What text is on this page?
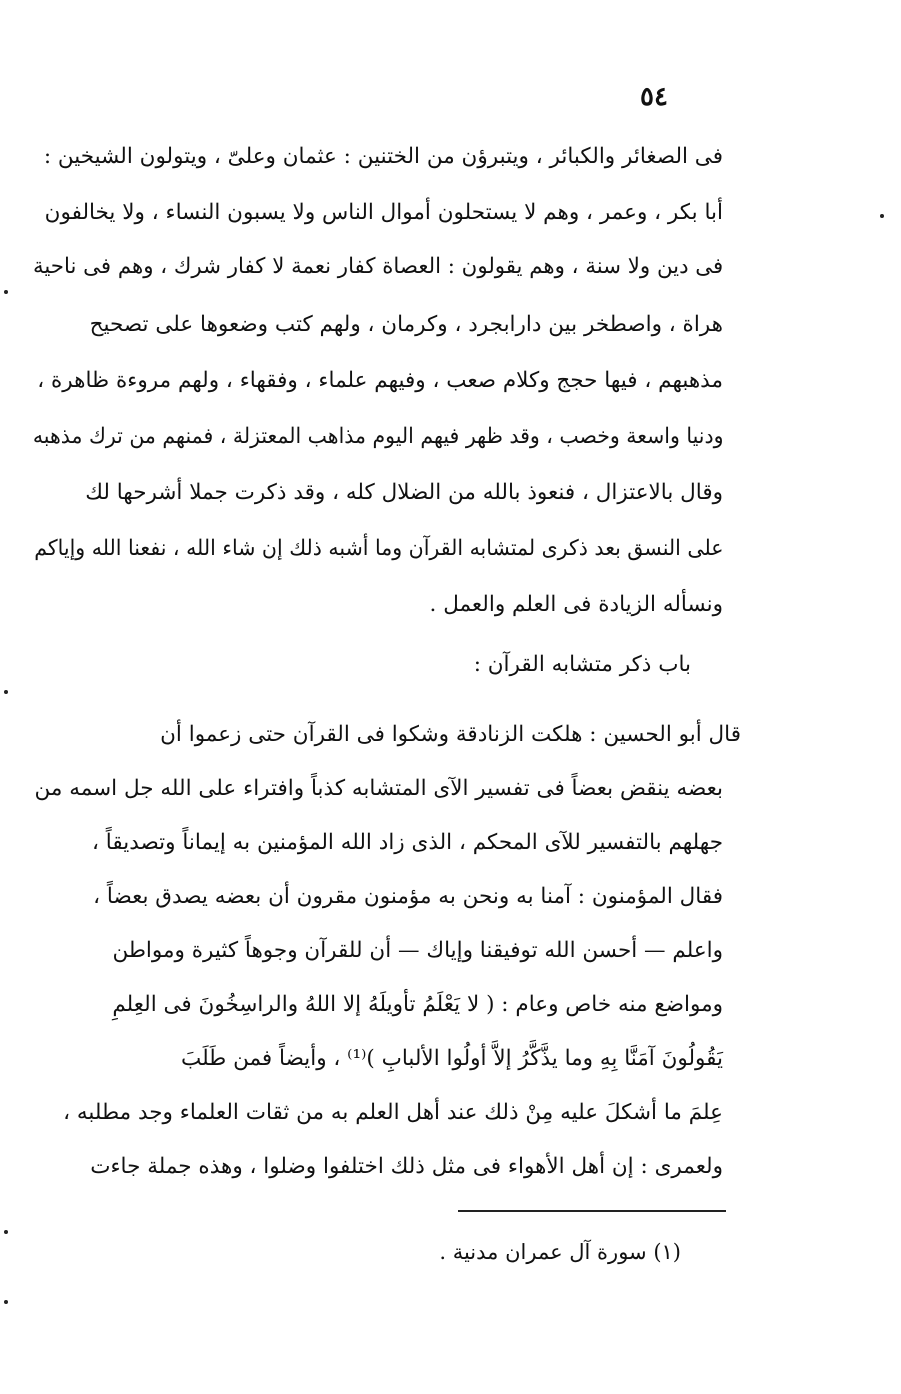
٥٤
فى الصغائر والكبائر ، ويتبرؤن من الختنين : عثمان وعلىّ ، ويتولون الشيخين :
أبا بكر ، وعمر ، وهم لا يستحلون أموال الناس ولا يسبون النساء ، ولا يخالفون
فى دين ولا سنة ، وهم يقولون : العصاة كفار نعمة لا كفار شرك ، وهم فى ناحية
هراة ، واصطخر بين دارابجرد ، وكرمان ، ولهم كتب وضعوها على تصحيح
مذهبهم ، فيها حجج وكلام صعب ، وفيهم علماء ، وفقهاء ، ولهم مروءة ظاهرة ،
ودنيا واسعة وخصب ، وقد ظهر فيهم اليوم مذاهب المعتزلة ، فمنهم من ترك مذهبه
وقال بالاعتزال ، فنعوذ بالله من الضلال كله ، وقد ذكرت جملا أشرحها لك
على النسق بعد ذكرى لمتشابه القرآن وما أشبه ذلك إن شاء الله ، نفعنا الله وإياكم
ونسأله الزيادة فى العلم والعمل .
باب ذكر متشابه القرآن :
قال أبو الحسين : هلكت الزنادقة وشكوا فى القرآن حتى زعموا أن
بعضه ينقض بعضاً فى تفسير الآى المتشابه كذباً وافتراء على الله جل اسمه من
جهلهم بالتفسير للآى المحكم ، الذى زاد الله المؤمنين به إيماناً وتصديقاً ،
فقال المؤمنون : آمنا به ونحن به مؤمنون مقرون أن بعضه يصدق بعضاً ،
واعلم — أحسن الله توفيقنا وإياك — أن للقرآن وجوهاً كثيرة ومواطن
ومواضع منه خاص وعام : ( لا يَعْلَمُ تأويلَهُ إلا اللهُ والراسِخُونَ فى العِلمِ
يَقُولُونَ آمَنَّا بِهِ وما يذَّكَّرُ إلاَّ أولُوا الألبابِ )⁽¹⁾ ، وأيضاً فمن طَلَبَ
عِلمَ ما أشكلَ عليه مِنْ ذلك عند أهل العلم به من ثقات العلماء وجد مطلبه ،
ولعمرى : إن أهل الأهواء فى مثل ذلك اختلفوا وضلوا ، وهذه جملة جاءت
(١) سورة آل عمران مدنية .
